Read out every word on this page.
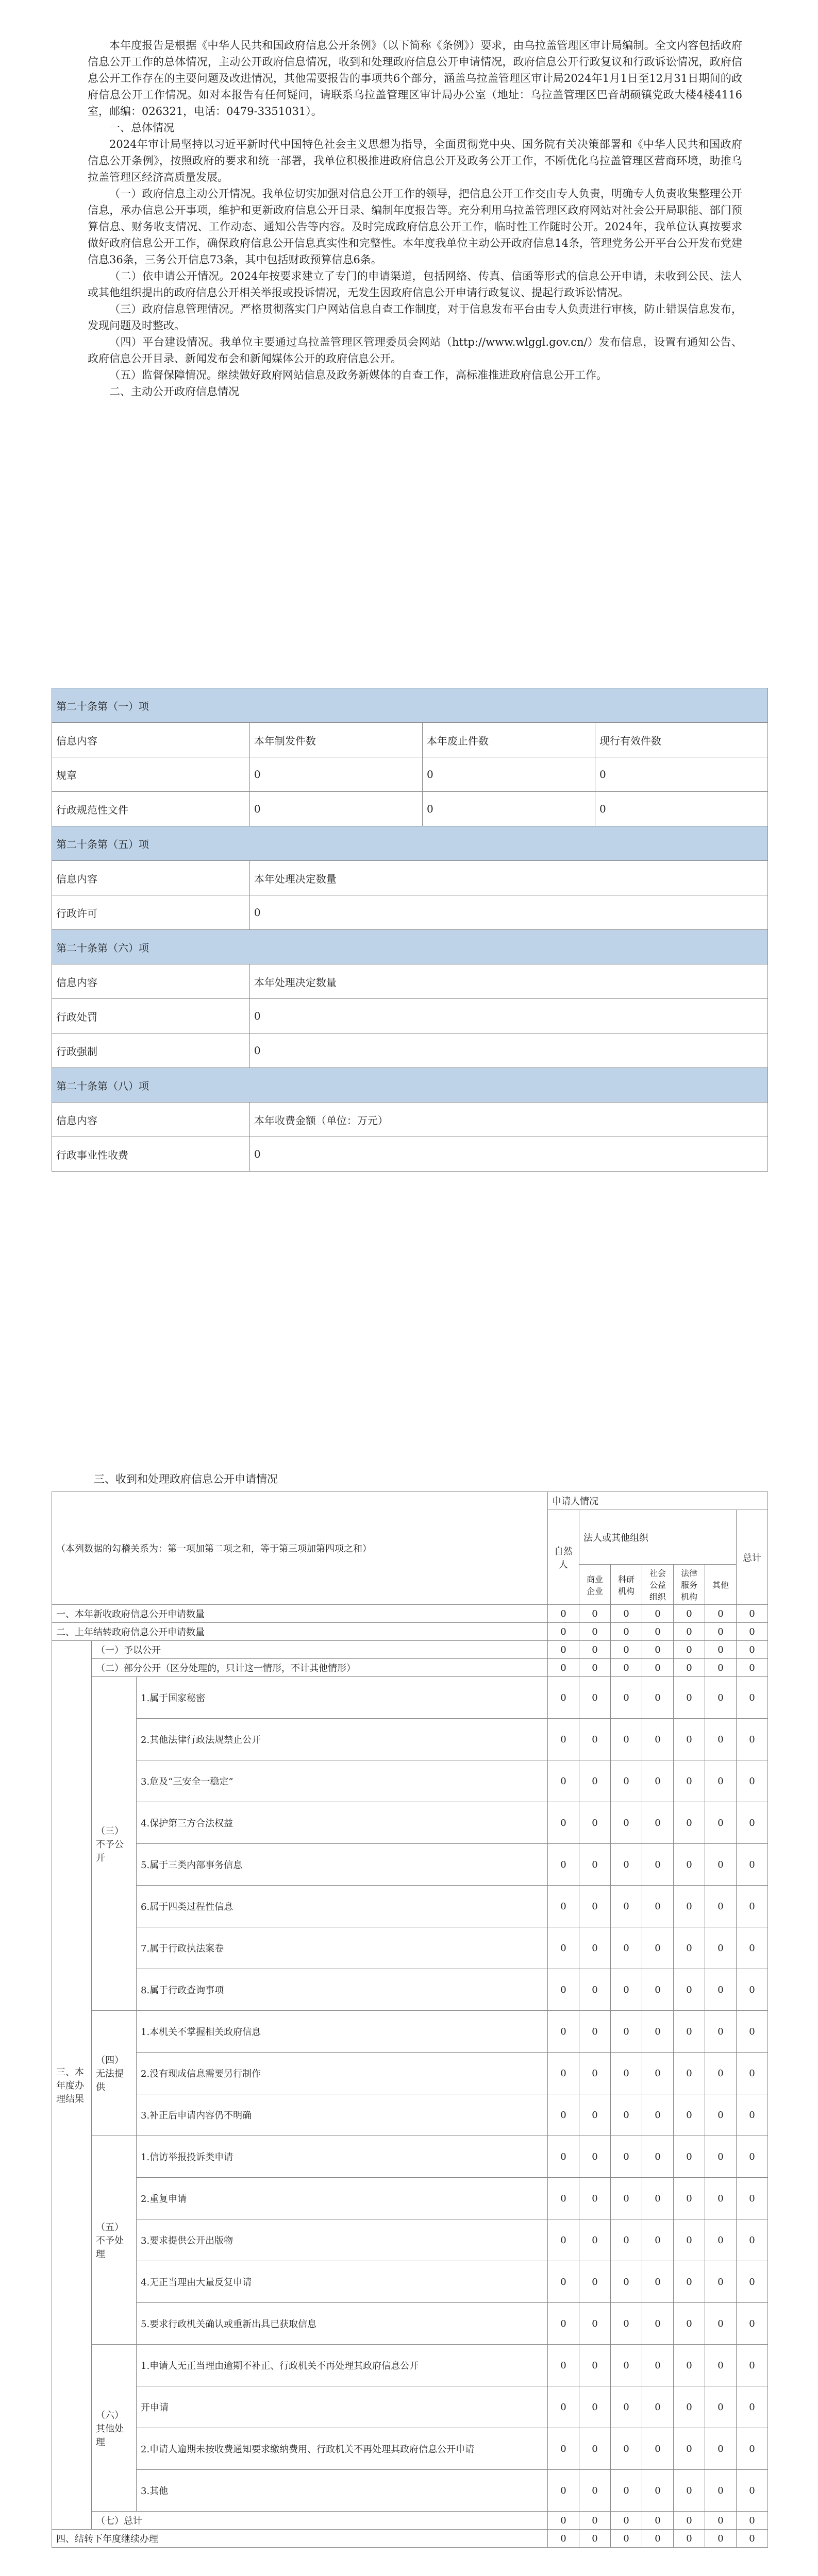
本年度报告是根据《中华人民共和国政府信息公开条例》（以下简称《条例》）要求，由乌拉盖管理区审计局编制。全文内容包括政府信息公开工作的总体情况，主动公开政府信息情况，收到和处理政府信息公开申请情况，政府信息公开行政复议和行政诉讼情况，政府信息公开工作存在的主要问题及改进情况，其他需要报告的事项共6个部分，涵盖乌拉盖管理区审计局2024年1月1日至12月31日期间的政府信息公开工作情况。如对本报告有任何疑问，请联系乌拉盖管理区审计局办公室（地址：乌拉盖管理区巴音胡硕镇党政大楼4楼4116室，邮编：026321，电话：0479-3351031）。

一、总体情况

2024年审计局坚持以习近平新时代中国特色社会主义思想为指导，全面贯彻党中央、国务院有关决策部署和《中华人民共和国政府信息公开条例》，按照政府的要求和统一部署，我单位积极推进政府信息公开及政务公开工作，不断优化乌拉盖管理区营商环境，助推乌拉盖管理区经济高质量发展。

（一）政府信息主动公开情况。我单位切实加强对信息公开工作的领导，把信息公开工作交由专人负责，明确专人负责收集整理公开信息，承办信息公开事项，维护和更新政府信息公开目录、编制年度报告等。充分利用乌拉盖管理区政府网站对社会公开局职能、部门预算信息、财务收支情况、工作动态、通知公告等内容。及时完成政府信息公开工作，临时性工作随时公开。2024年，我单位认真按要求做好政府信息公开工作，确保政府信息公开信息真实性和完整性。本年度我单位主动公开政府信息14条，管理党务公开平台公开发布党建信息36条，三务公开信息73条，其中包括财政预算信息6条。

（二）依申请公开情况。2024年按要求建立了专门的申请渠道，包括网络、传真、信函等形式的信息公开申请，未收到公民、法人或其他组织提出的政府信息公开相关举报或投诉情况，无发生因政府信息公开申请行政复议、提起行政诉讼情况。

（三）政府信息管理情况。严格贯彻落实门户网站信息自查工作制度，对于信息发布平台由专人负责进行审核，防止错误信息发布，发现问题及时整改。

（四）平台建设情况。我单位主要通过乌拉盖管理区管理委员会网站（http://www.wlggl.gov.cn/）发布信息，设置有通知公告、政府信息公开目录、新闻发布会和新闻媒体公开的政府信息公开。

（五）监督保障情况。继续做好政府网站信息及政务新媒体的自查工作，高标准推进政府信息公开工作。

二、主动公开政府信息情况

第二十条第（一）项			
信息内容	本年制发件数	本年废止件数	现行有效件数
规章	0	0	0
行政规范性文件	0	0	0
第二十条第（五）项			
信息内容	本年处理决定数量		
行政许可	0		
第二十条第（六）项			
信息内容	本年处理决定数量		
行政处罚	0		
行政强制	0		
第二十条第（八）项			
信息内容	本年收费金额（单位：万元）		
行政事业性收费	0		
三、收到和处理政府信息公开申请情况
（本列数据的勾稽关系为：第一项加第二项之和，等于第三项加第四项之和）			申请人情况						
			自然人	法人或其他组织					总计
				商业企业	科研机构	社会公益组织	法律服务机构	其他	
一、本年新收政府信息公开申请数量			0	0	0	0	0	0	0
二、上年结转政府信息公开申请数量			0	0	0	0	0	0	0
三、本年度办理结果	（一）予以公开		0	0	0	0	0	0	0
	（二）部分公开（区分处理的，只计这一情形，不计其他情形）		0	0	0	0	0	0	0
	（三）不予公开	1.属于国家秘密	0	0	0	0	0	0	0
		2.其他法律行政法规禁止公开	0	0	0	0	0	0	0
		3.危及“三安全一稳定”	0	0	0	0	0	0	0
		4.保护第三方合法权益	0	0	0	0	0	0	0
		5.属于三类内部事务信息	0	0	0	0	0	0	0
		6.属于四类过程性信息	0	0	0	0	0	0	0
		7.属于行政执法案卷	0	0	0	0	0	0	0
		8.属于行政查询事项	0	0	0	0	0	0	0
	（四）无法提供	1.本机关不掌握相关政府信息	0	0	0	0	0	0	0
		2.没有现成信息需要另行制作	0	0	0	0	0	0	0
		3.补正后申请内容仍不明确	0	0	0	0	0	0	0
	（五）不予处理	1.信访举报投诉类申请	0	0	0	0	0	0	0
		2.重复申请	0	0	0	0	0	0	0
		3.要求提供公开出版物	0	0	0	0	0	0	0
		4.无正当理由大量反复申请	0	0	0	0	0	0	0
		5.要求行政机关确认或重新出具已获取信息	0	0	0	0	0	0	0
	（六）其他处理	1.申请人无正当理由逾期不补正、行政机关不再处理其政府信息公开	0	0	0	0	0	0	0
		开申请	0	0	0	0	0	0	0
		2.申请人逾期未按收费通知要求缴纳费用、行政机关不再处理其政府信息公开申请	0	0	0	0	0	0	0
		3.其他	0	0	0	0	0	0	0
	（七）总计		0	0	0	0	0	0	0
四、结转下年度继续办理			0	0	0	0	0	0	0
